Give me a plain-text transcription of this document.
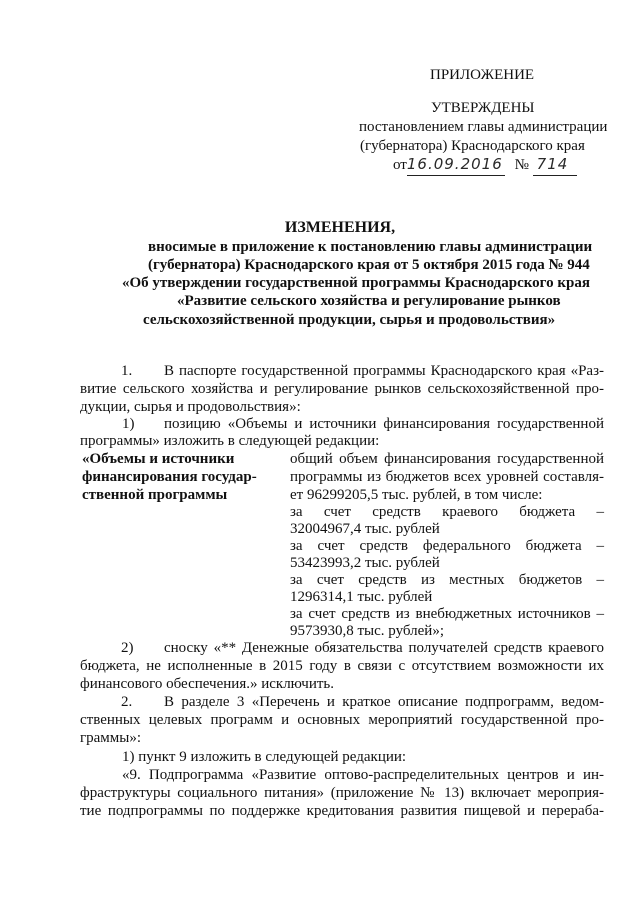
ПРИЛОЖЕНИЕ
УТВЕРЖДЕНЫ
постановлением главы администрации
(губернатора) Краснодарского края
от16.09.2016 № 714
ИЗМЕНЕНИЯ,
вносимые в приложение к постановлению главы администрации
(губернатора) Краснодарского края от 5 октября 2015 года № 944
«Об утверждении государственной программы Краснодарского края
«Развитие сельского хозяйства и регулирование рынков
сельскохозяйственной продукции, сырья и продовольствия»
1. В паспорте государственной программы Краснодарского края «Раз-
витие сельского хозяйства и регулирование рынков сельскохозяйственной про-
дукции, сырья и продовольствия»:
1) позицию «Объемы и источники финансирования государственной
программы» изложить в следующей редакции:
«Объемы и источники
финансирования государ-
ственной программы
общий объем финансирования государственной
программы из бюджетов всех уровней составля-
ет 96299205,5 тыс. рублей, в том числе:
за счет средств краевого бюджета –
32004967,4 тыс. рублей
за счет средств федерального бюджета –
53423993,2 тыс. рублей
за счет средств из местных бюджетов –
1296314,1 тыс. рублей
за счет средств из внебюджетных источников –
9573930,8 тыс. рублей»;
2) сноску «** Денежные обязательства получателей средств краевого
бюджета, не исполненные в 2015 году в связи с отсутствием возможности их
финансового обеспечения.» исключить.
2. В разделе 3 «Перечень и краткое описание подпрограмм, ведом-
ственных целевых программ и основных мероприятий государственной про-
граммы»:
1) пункт 9 изложить в следующей редакции:
«9. Подпрограмма «Развитие оптово-распределительных центров и ин-
фраструктуры социального питания» (приложение № 13) включает мероприя-
тие подпрограммы по поддержке кредитования развития пищевой и перераба-
